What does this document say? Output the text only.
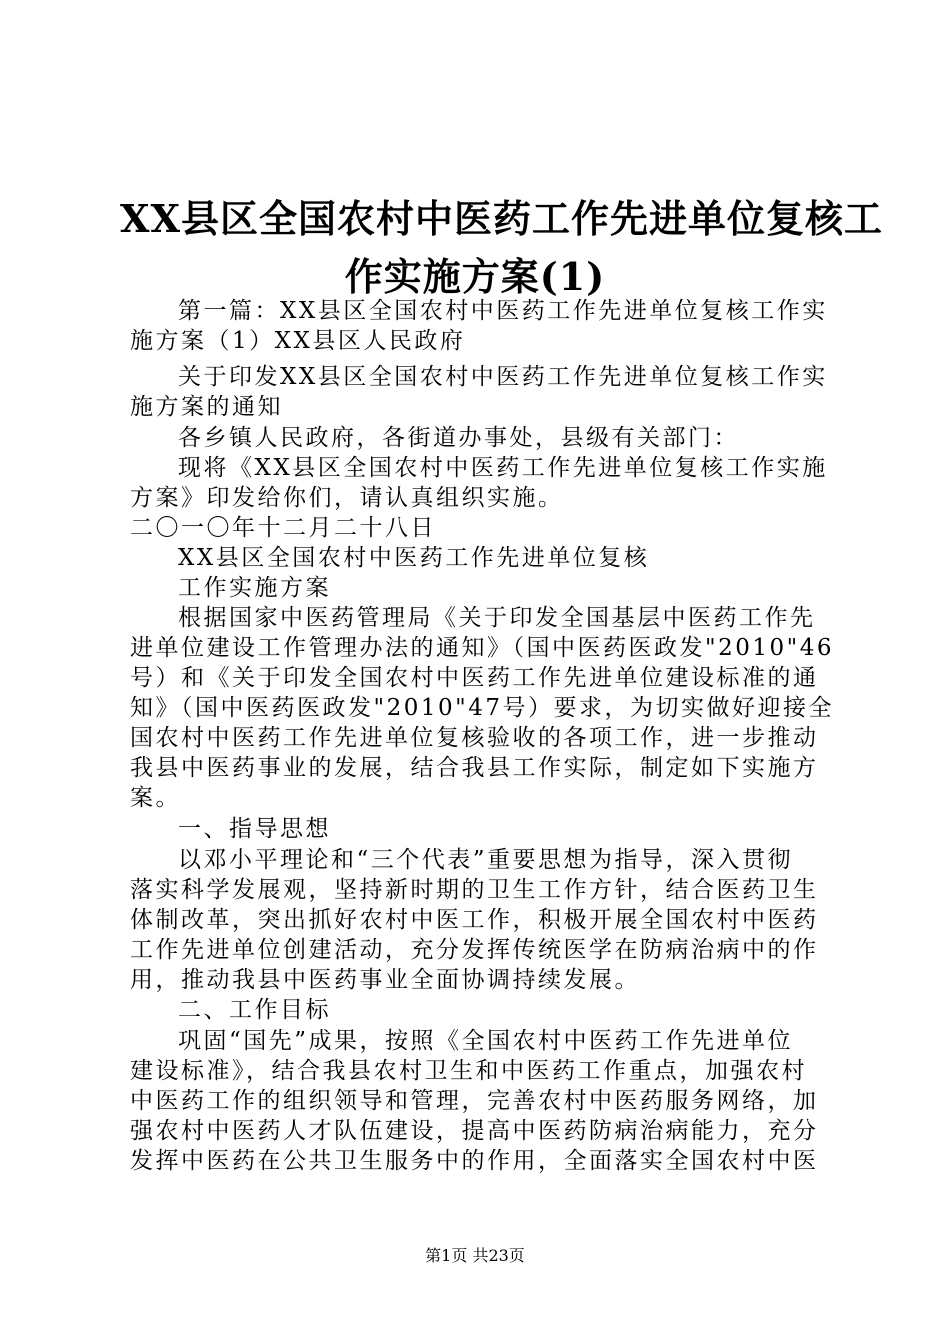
XX县区全国农村中医药工作先进单位复核工
作实施方案(1)
第一篇：XX县区全国农村中医药工作先进单位复核工作实
施方案（1）XX县区人民政府
关于印发XX县区全国农村中医药工作先进单位复核工作实
施方案的通知
各乡镇人民政府，各街道办事处，县级有关部门：
现将《XX县区全国农村中医药工作先进单位复核工作实施
方案》印发给你们，请认真组织实施。
二〇一〇年十二月二十八日
XX县区全国农村中医药工作先进单位复核
工作实施方案
根据国家中医药管理局《关于印发全国基层中医药工作先
进单位建设工作管理办法的通知》（国中医药医政发"2010"46
号）和《关于印发全国农村中医药工作先进单位建设标准的通
知》（国中医药医政发"2010"47号）要求，为切实做好迎接全
国农村中医药工作先进单位复核验收的各项工作，进一步推动
我县中医药事业的发展，结合我县工作实际，制定如下实施方
案。
一、指导思想
以邓小平理论和“三个代表”重要思想为指导，深入贯彻
落实科学发展观，坚持新时期的卫生工作方针，结合医药卫生
体制改革，突出抓好农村中医工作，积极开展全国农村中医药
工作先进单位创建活动，充分发挥传统医学在防病治病中的作
用，推动我县中医药事业全面协调持续发展。
二、工作目标
巩固“国先”成果，按照《全国农村中医药工作先进单位
建设标准》，结合我县农村卫生和中医药工作重点，加强农村
中医药工作的组织领导和管理，完善农村中医药服务网络，加
强农村中医药人才队伍建设，提高中医药防病治病能力，充分
发挥中医药在公共卫生服务中的作用，全面落实全国农村中医
第1页 共23页
